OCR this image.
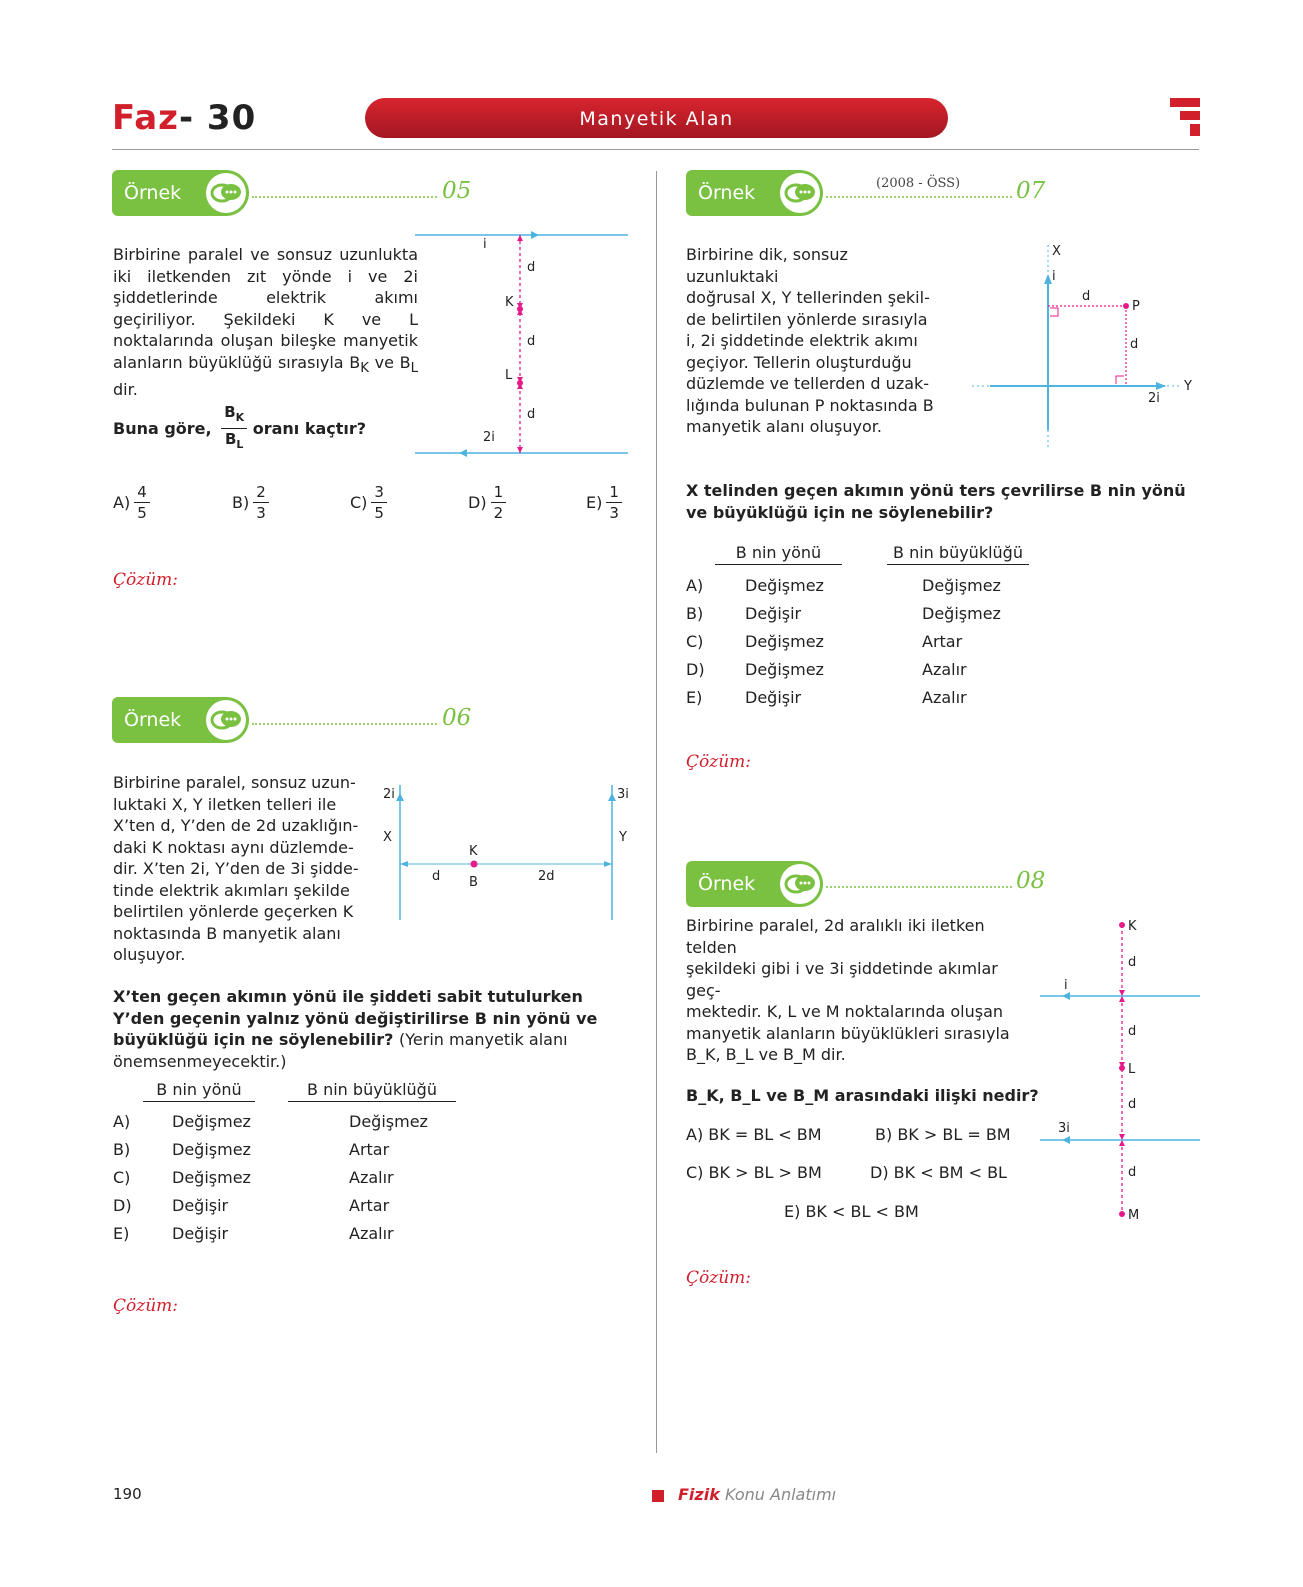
Faz- 30	Manyetik Alan
Örnek	05
Birbirine paralel ve sonsuz uzunlukta iki iletkenden zıt yönde i ve 2i şiddetlerinde elektrik akımı geçiriliyor. Şekildeki K ve L noktalarında oluşan bileşke manyetik alanların büyüklüğü sırasıyla $B_K$ ve $B_L$ dir.
Buna göre, $\frac{B_K}{B_L}$ oranı kaçtır?
i
d
K
d
L
d
2i
$A) \frac{4}{5}$	$B) \frac{2}{3}$	$C) \frac{3}{5}$	$D) \frac{1}{2}$	$E) \frac{1}{3}$
Çözüm:
Örnek	06
Birbirine paralel, sonsuz uzun-
luktaki X, Y iletken telleri ile
X’ten d, Y’den de 2d uzaklığın-
daki K noktası aynı düzlemde-
dir. X’ten 2i, Y’den de 3i şidde-
tinde elektrik akımları şekilde
belirtilen yönlerde geçerken K
noktasında B manyetik alanı
oluşuyor.
2i	3i
X	Y
K
d	2d
B
X’ten geçen akımın yönü ile şiddeti sabit tutulurken Y’den geçenin yalnız yönü değiştirilirse B nin yönü ve büyüklüğü için ne söylenebilir? (Yerin manyetik alanı önemsenmeyecektir.)
B nin yönü	B nin büyüklüğü
A)	Değişmez	Değişmez
B)	Değişmez	Artar
C)	Değişmez	Azalır
D)	Değişir	Artar
E)	Değişir	Azalır
Çözüm:
Örnek	(2008 - ÖSS) 07
Birbirine dik, sonsuz uzunluktaki
doğrusal X, Y tellerinden şekil-
de belirtilen yönlerde sırasıyla
i, 2i şiddetinde elektrik akımı
geçiyor. Tellerin oluşturduğu
düzlemde ve tellerden d uzak-
lığında bulunan P noktasında B
manyetik alanı oluşuyor.
X
i
d
P
d
Y
2i
X telinden geçen akımın yönü ters çevrilirse B nin yönü ve büyüklüğü için ne söylenebilir?
B nin yönü	B nin büyüklüğü
A)	Değişmez	Değişmez
B)	Değişir	Değişmez
C)	Değişmez	Artar
D)	Değişmez	Azalır
E)	Değişir	Azalır
Çözüm:
Örnek	08
Birbirine paralel, 2d aralıklı iki iletken telden
şekildeki gibi i ve 3i şiddetinde akımlar geç-
mektedir. K, L ve M noktalarında oluşan
manyetik alanların büyüklükleri sırasıyla
B_K, B_L ve B_M dir.
B_K, B_L ve B_M arasındaki ilişki nedir?
A) BK = BL < BM	B) BK > BL = BM
C) BK > BL > BM	D) BK < BM < BL
E) BK < BL < BM
K
d
i
d
L
d
3i
d
M
Çözüm:
190	Fizik Konu Anlatımı
